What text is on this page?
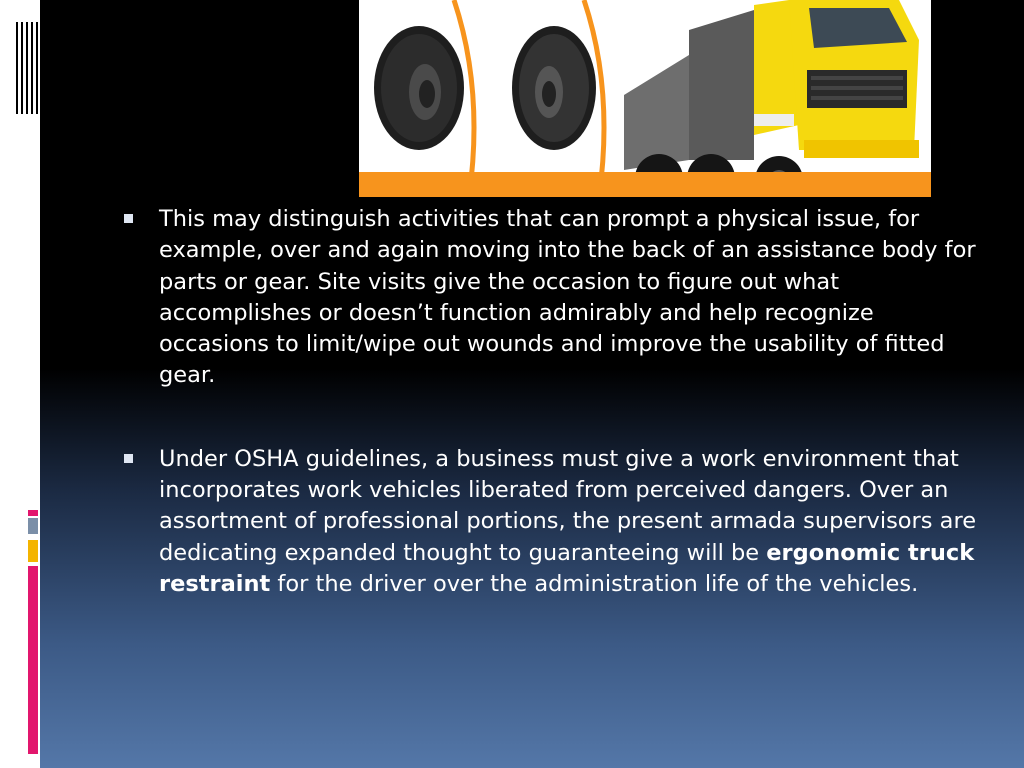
This may distinguish activities that can prompt a physical issue, for example, over and again moving into the back of an assistance body for parts or gear. Site visits give the occasion to figure out what accomplishes or doesn’t function admirably and help recognize occasions to limit/wipe out wounds and improve the usability of fitted gear.
Under OSHA guidelines, a business must give a work environment that incorporates work vehicles liberated from perceived dangers. Over an assortment of professional portions, the present armada supervisors are dedicating expanded thought to guaranteeing will be ergonomic truck restraint for the driver over the administration life of the vehicles.
